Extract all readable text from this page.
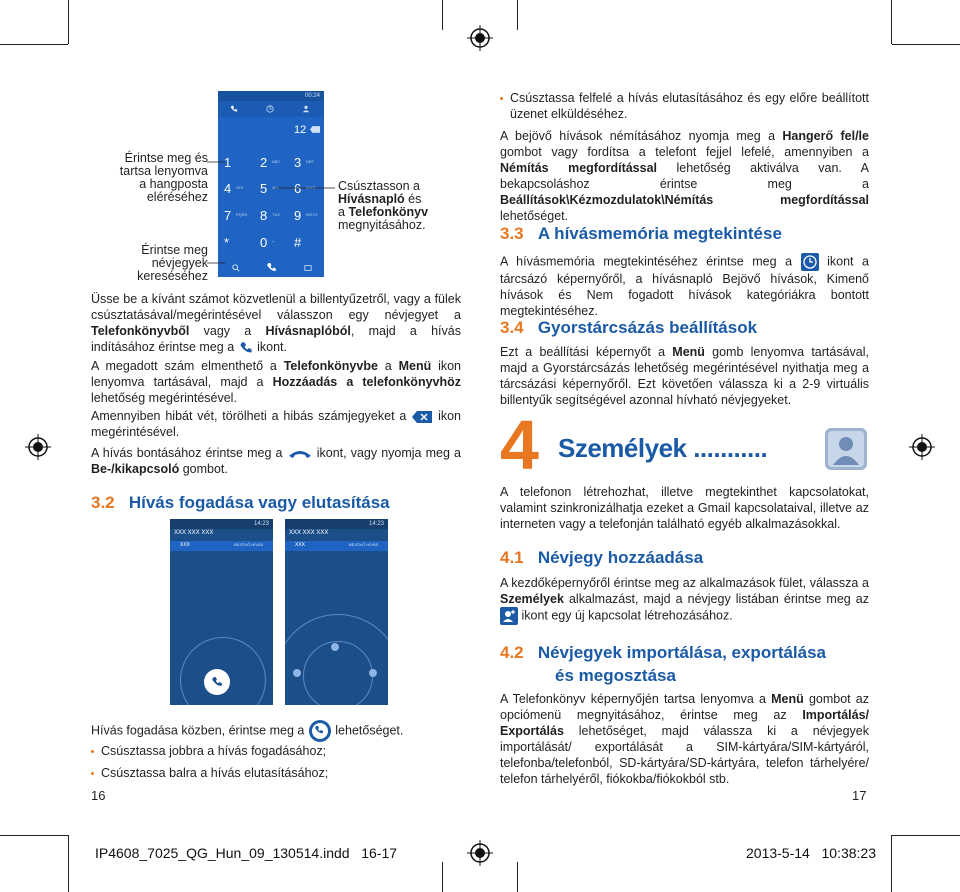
00:24
12
1 2 ABC 3 DEF
4 GHI 5 JKL 6 MNO
7 PQRS 8 TUV 9 WXYZ
* 0 + #
Érintse meg és tartsa lenyomva a hangposta eléréséhez
Érintse meg névjegyek kereséséhez
Csúsztasson a
Hívásnapló és
a Telefonkönyv
megnyitásához.
Üsse be a kívánt számot közvetlenül a billentyűzetről, vagy a fülek csúsztatásával/megérintésével válasszon egy névjegyet a Telefonkönyvből vagy a Hívásnaplóból, majd a hívás indításához érintse meg a  ikont.
A megadott szám elmenthető a Telefonkönyvbe a Menü ikon lenyomva tartásával, majd a Hozzáadás a telefonkönyvhöz lehetőség megérintésével.
Amennyiben hibát vét, törölheti a hibás számjegyeket a  ikon megérintésével.
A hívás bontásához érintse meg a  ikont, vagy nyomja meg a Be-/kikapcsoló gombot.
3.2 Hívás fogadása vagy elutasítása
14:23
XXX XXX XXX
XXX	BEJÖVŐ HÍVÁS
14:23
XXX XXX XXX
XXX	BEJÖVŐ HÍVÁS
Hívás fogadása közben, érintse meg a  lehetőséget.
Csúsztassa jobbra a hívás fogadásához;
Csúsztassa balra a hívás elutasításához;
16
Csúsztassa felfelé a hívás elutasításához és egy előre beállított üzenet elküldéséhez.
A bejövő hívások némításához nyomja meg a Hangerő fel/le gombot vagy fordítsa a telefont fejjel lefelé, amennyiben a Némítás megfordítással lehetőség aktiválva van. A bekapcsoláshoz érintse meg a Beállítások\Kézmozdulatok\Némítás megfordítással lehetőséget.
3.3 A hívásmemória megtekintése
A hívásmemória megtekintéséhez érintse meg a  ikont a tárcsázó képernyőről, a hívásnapló Bejövő hívások, Kimenő hívások és Nem fogadott hívások kategóriákra bontott megtekintéséhez.
3.4 Gyorstárcsázás beállítások
Ezt a beállítási képernyőt a Menü gomb lenyomva tartásával, majd a Gyorstárcsázás lehetőség megérintésével nyithatja meg a tárcsázási képernyőről. Ezt követően válassza ki a 2-9 virtuális billentyűk segítségével azonnal hívható névjegyeket.
4 Személyek ...........
A telefonon létrehozhat, illetve megtekinthet kapcsolatokat, valamint szinkronizálhatja ezeket a Gmail kapcsolataival, illetve az interneten vagy a telefonján található egyéb alkalmazásokkal.
4.1 Névjegy hozzáadása
A kezdőképernyőről érintse meg az alkalmazások fület, válassza a Személyek alkalmazást, majd a névjegy listában érintse meg az  ikont egy új kapcsolat létrehozásához.
4.2 Névjegyek importálása, exportálása
és megosztása
A Telefonkönyv képernyőjén tartsa lenyomva a Menü gombot az opciómenü megnyitásához, érintse meg az Importálás/ Exportálás lehetőséget, majd válassza ki a névjegyek importálását/ exportálását a SIM-kártyára/SIM-kártyáról, telefonba/telefonból, SD-kártyára/SD-kártyára, telefon tárhelyére/ telefon tárhelyéről, fiókokba/fiókokból stb.
17
IP4608_7025_QG_Hun_09_130514.indd   16-17	2013-5-14   10:38:23
